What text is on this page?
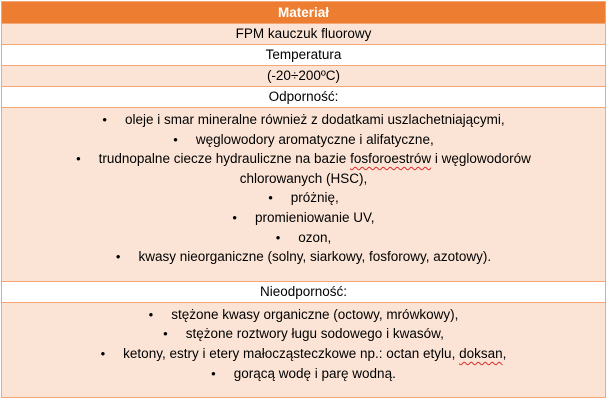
Materiał
FPM kauczuk fluorowy
Temperatura
(-20÷200ºC)
Odporność:
• oleje i smar mineralne również z dodatkami uszlachetniającymi,
• węglowodory aromatyczne i alifatyczne,
• trudnopalne ciecze hydrauliczne na bazie fosforoestrów i węglowodorów
chlorowanych (HSC),
• próżnię,
• promieniowanie UV,
• ozon,
• kwasy nieorganiczne (solny, siarkowy, fosforowy, azotowy).
Nieodporność:
• stężone kwasy organiczne (octowy, mrówkowy),
• stężone roztwory ługu sodowego i kwasów,
• ketony, estry i etery małocząsteczkowe np.: octan etylu, doksan,
• gorącą wodę i parę wodną.
